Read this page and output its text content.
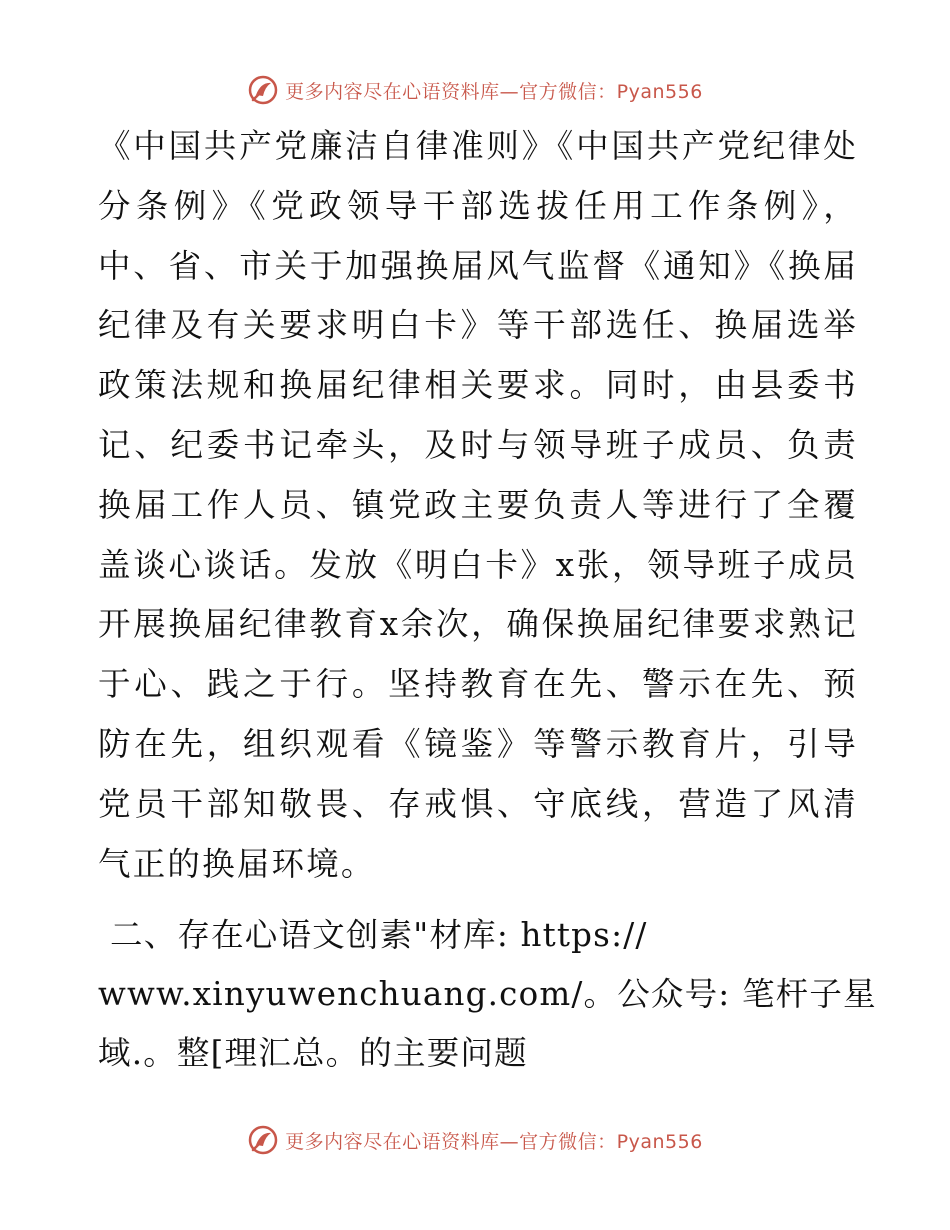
更多内容尽在心语资料库—官方微信：Pyan556

《中国共产党廉洁自律准则》《中国共产党纪律处分条例》《党政领导干部选拔任用工作条例》，中、省、市关于加强换届风气监督《通知》《换届纪律及有关要求明白卡》等干部选任、换届选举政策法规和换届纪律相关要求。同时，由县委书记、纪委书记牵头，及时与领导班子成员、负责换届工作人员、镇党政主要负责人等进行了全覆盖谈心谈话。发放《明白卡》x张，领导班子成员开展换届纪律教育x余次，确保换届纪律要求熟记于心、践之于行。坚持教育在先、警示在先、预防在先，组织观看《镜鉴》等警示教育片，引导党员干部知敬畏、存戒惧、守底线，营造了风清气正的换届环境。

二、存在心语文创素"材库: https://
www.xinyuwenchuang.com/。公众号: 笔杆子星
域.。整[理汇总。的主要问题
更多内容尽在心语资料库—官方微信：Pyan556
